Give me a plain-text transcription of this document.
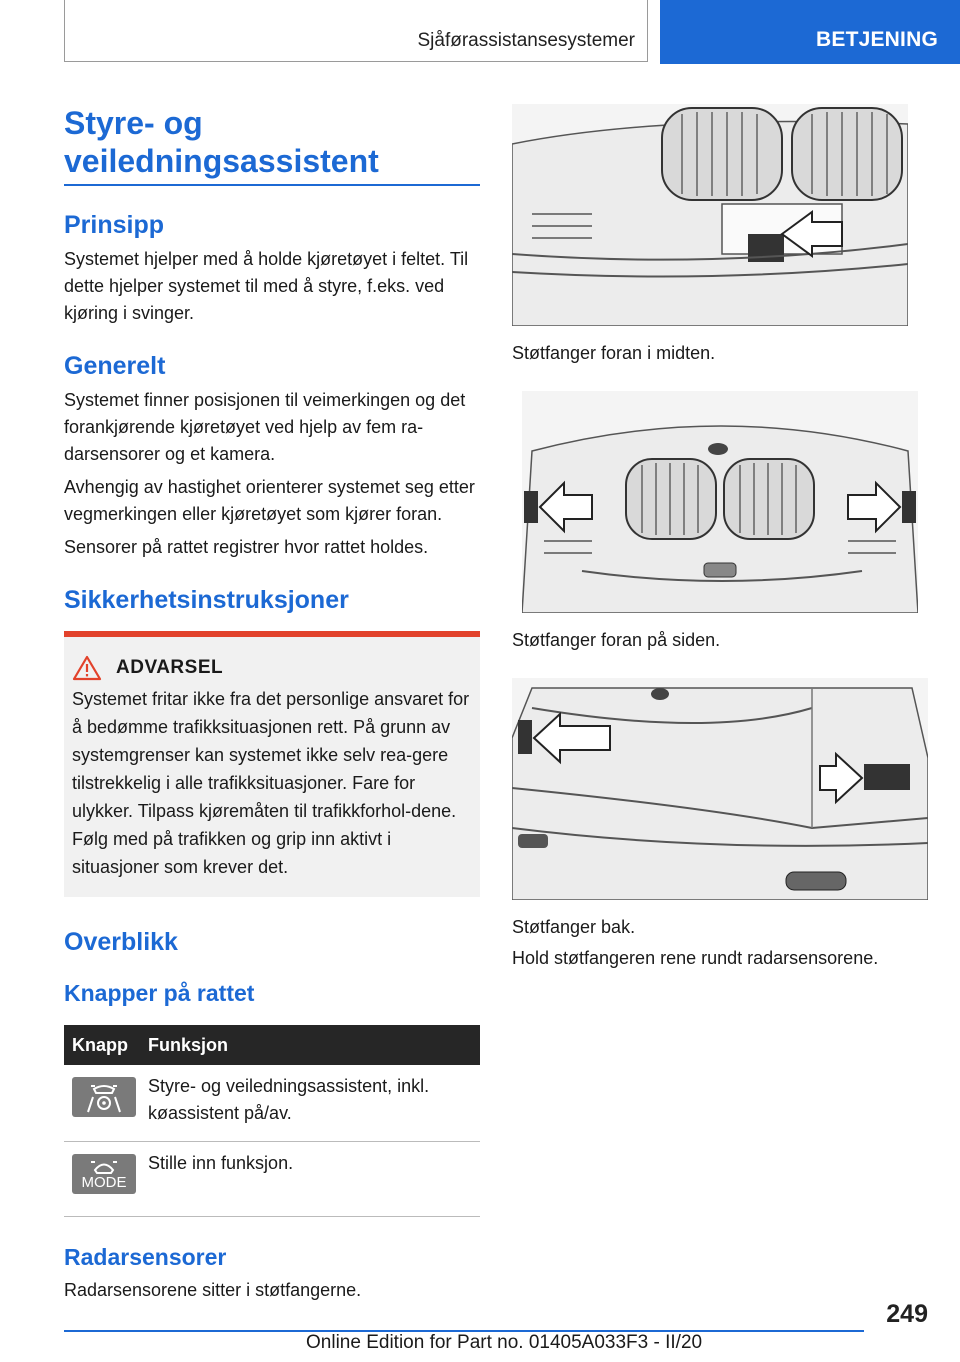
Sjåførassistansesystemer	BETJENING
Styre- og veiledningsassistent
Prinsipp

Systemet hjelper med å holde kjøretøyet i feltet. Til dette hjelper systemet til med å styre, f.eks. ved kjøring i svinger.

Generelt

Systemet finner posisjonen til veimerkingen og det forankjørende kjøretøyet ved hjelp av fem ra-darsensorer og et kamera.

Avhengig av hastighet orienterer systemet seg etter vegmerkingen eller kjøretøyet som kjører foran.

Sensorer på rattet registrer hvor rattet holdes.

Sikkerhetsinstruksjoner
ADVARSEL
Systemet fritar ikke fra det personlige ansvaret for å bedømme trafikksituasjonen rett. På grunn av systemgrenser kan systemet ikke selv rea-gere tilstrekkelig i alle trafikksituasjoner. Fare for ulykker. Tilpass kjøremåten til trafikkforhol-dene. Følg med på trafikken og grip inn aktivt i situasjoner som krever det.
Overblikk
Knapper på rattet
Knapp	Funksjon
Styre- og veiledningsassistent, inkl. køassistent på/av.
MODE
Stille inn funksjon.
Radarsensorer

Radarsensorene sitter i støtfangerne.

Støtfanger foran i midten.
Støtfanger foran på siden.
Støtfanger bak.
Hold støtfangeren rene rundt radarsensorene.
249
Online Edition for Part no. 01405A033F3 - II/20
